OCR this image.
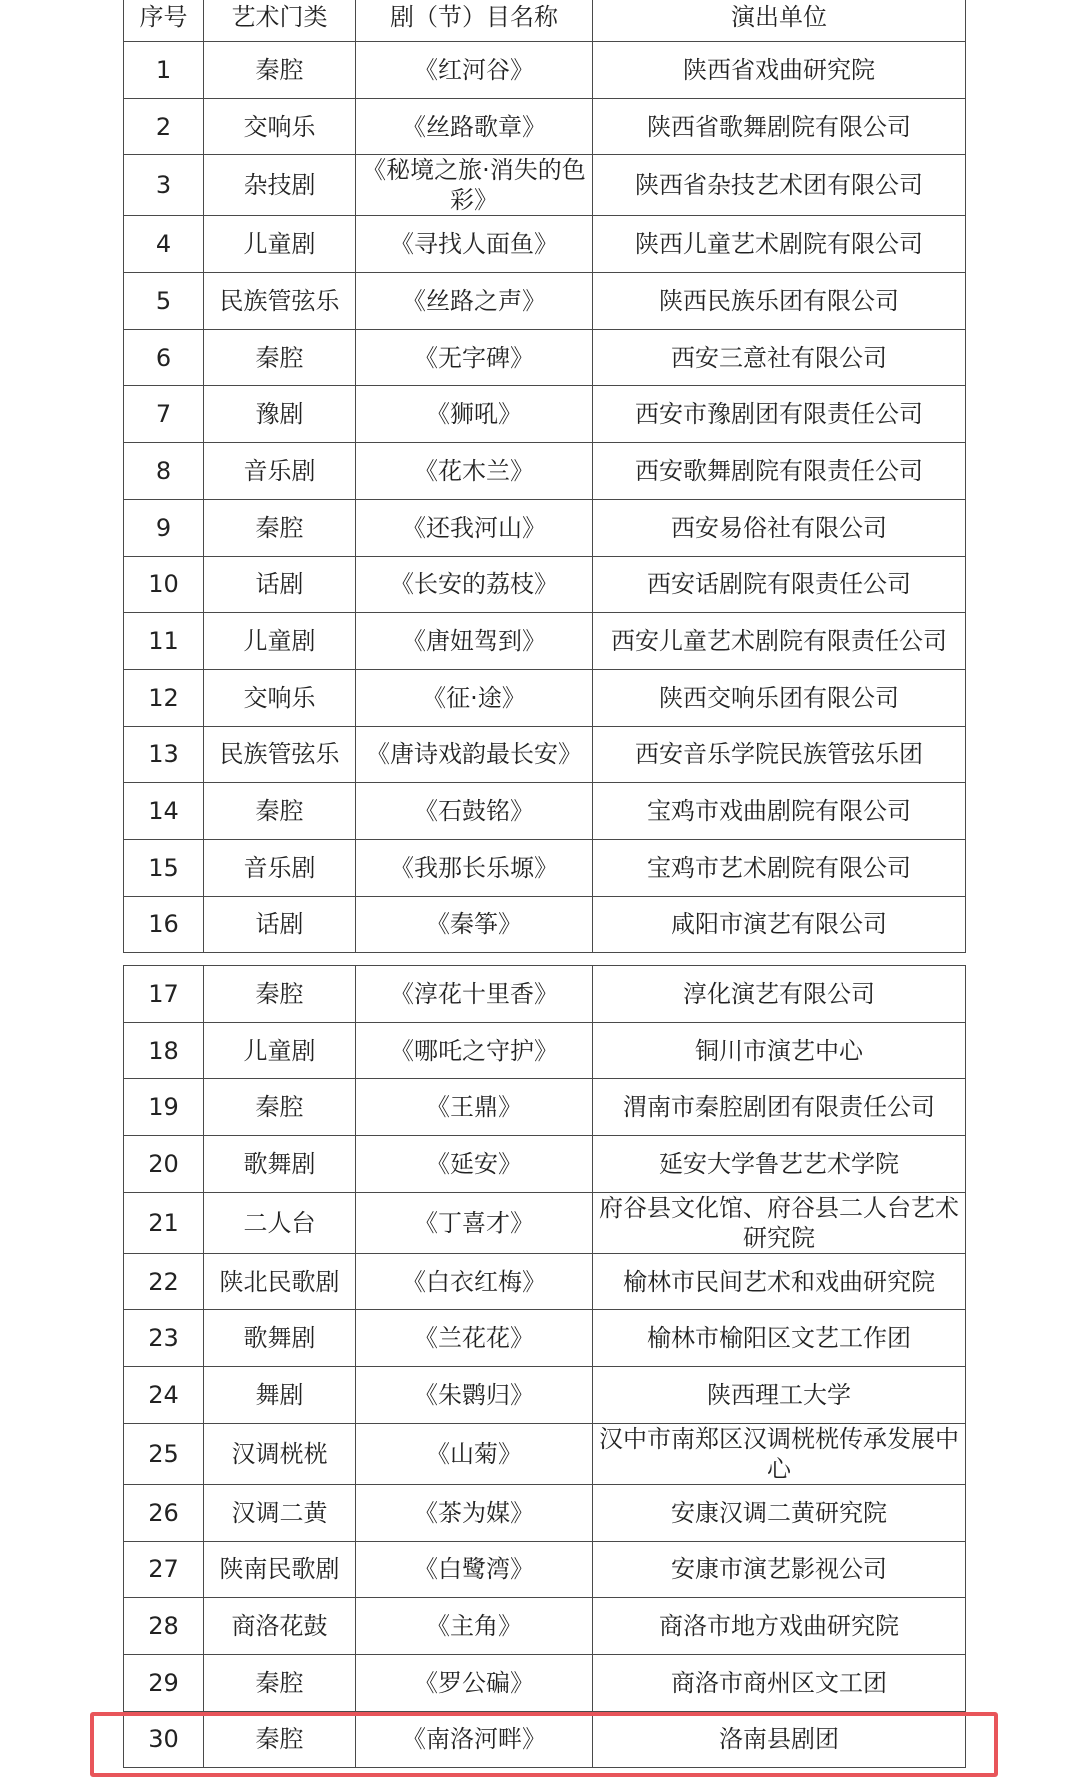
序号	艺术门类	剧（节）目名称	演出单位
1	秦腔	《红河谷》	陕西省戏曲研究院
2	交响乐	《丝路歌章》	陕西省歌舞剧院有限公司
3	杂技剧	《秘境之旅·消失的色彩》	陕西省杂技艺术团有限公司
4	儿童剧	《寻找人面鱼》	陕西儿童艺术剧院有限公司
5	民族管弦乐	《丝路之声》	陕西民族乐团有限公司
6	秦腔	《无字碑》	西安三意社有限公司
7	豫剧	《狮吼》	西安市豫剧团有限责任公司
8	音乐剧	《花木兰》	西安歌舞剧院有限责任公司
9	秦腔	《还我河山》	西安易俗社有限公司
10	话剧	《长安的荔枝》	西安话剧院有限责任公司
11	儿童剧	《唐妞驾到》	西安儿童艺术剧院有限责任公司
12	交响乐	《征·途》	陕西交响乐团有限公司
13	民族管弦乐	《唐诗戏韵最长安》	西安音乐学院民族管弦乐团
14	秦腔	《石鼓铭》	宝鸡市戏曲剧院有限公司
15	音乐剧	《我那长乐塬》	宝鸡市艺术剧院有限公司
16	话剧	《秦筝》	咸阳市演艺有限公司
17	秦腔	《淳花十里香》	淳化演艺有限公司
18	儿童剧	《哪吒之守护》	铜川市演艺中心
19	秦腔	《王鼎》	渭南市秦腔剧团有限责任公司
20	歌舞剧	《延安》	延安大学鲁艺艺术学院
21	二人台	《丁喜才》	府谷县文化馆、府谷县二人台艺术研究院
22	陕北民歌剧	《白衣红梅》	榆林市民间艺术和戏曲研究院
23	歌舞剧	《兰花花》	榆林市榆阳区文艺工作团
24	舞剧	《朱鹮归》	陕西理工大学
25	汉调桄桄	《山菊》	汉中市南郑区汉调桄桄传承发展中心
26	汉调二黄	《茶为媒》	安康汉调二黄研究院
27	陕南民歌剧	《白鹭湾》	安康市演艺影视公司
28	商洛花鼓	《主角》	商洛市地方戏曲研究院
29	秦腔	《罗公碥》	商洛市商州区文工团
30	秦腔	《南洛河畔》	洛南县剧团
